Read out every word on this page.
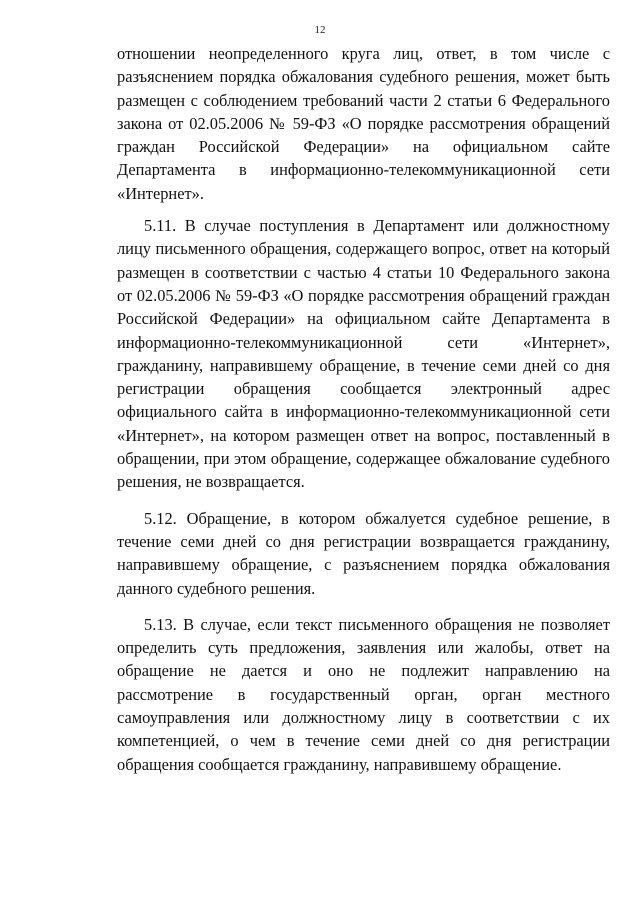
12

отношении неопределенного круга лиц, ответ, в том числе с разъяснением порядка обжалования судебного решения, может быть размещен с соблюдением требований части 2 статьи 6 Федерального закона от 02.05.2006 № 59-ФЗ «О порядке рассмотрения обращений граждан Российской Федерации» на официальном сайте Департамента в информационно-телекоммуникационной сети «Интернет».

5.11. В случае поступления в Департамент или должностному лицу письменного обращения, содержащего вопрос, ответ на который размещен в соответствии с частью 4 статьи 10 Федерального закона от 02.05.2006 № 59-ФЗ «О порядке рассмотрения обращений граждан Российской Федерации» на официальном сайте Департамента в информационно-телекоммуникационной сети «Интернет», гражданину, направившему обращение, в течение семи дней со дня регистрации обращения сообщается электронный адрес официального сайта в информационно-телекоммуникационной сети «Интернет», на котором размещен ответ на вопрос, поставленный в обращении, при этом обращение, содержащее обжалование судебного решения, не возвращается.

5.12. Обращение, в котором обжалуется судебное решение, в течение семи дней со дня регистрации возвращается гражданину, направившему обращение, с разъяснением порядка обжалования данного судебного решения.

5.13. В случае, если текст письменного обращения не позволяет определить суть предложения, заявления или жалобы, ответ на обращение не дается и оно не подлежит направлению на рассмотрение в государственный орган, орган местного самоуправления или должностному лицу в соответствии с их компетенцией, о чем в течение семи дней со дня регистрации обращения сообщается гражданину, направившему обращение.
